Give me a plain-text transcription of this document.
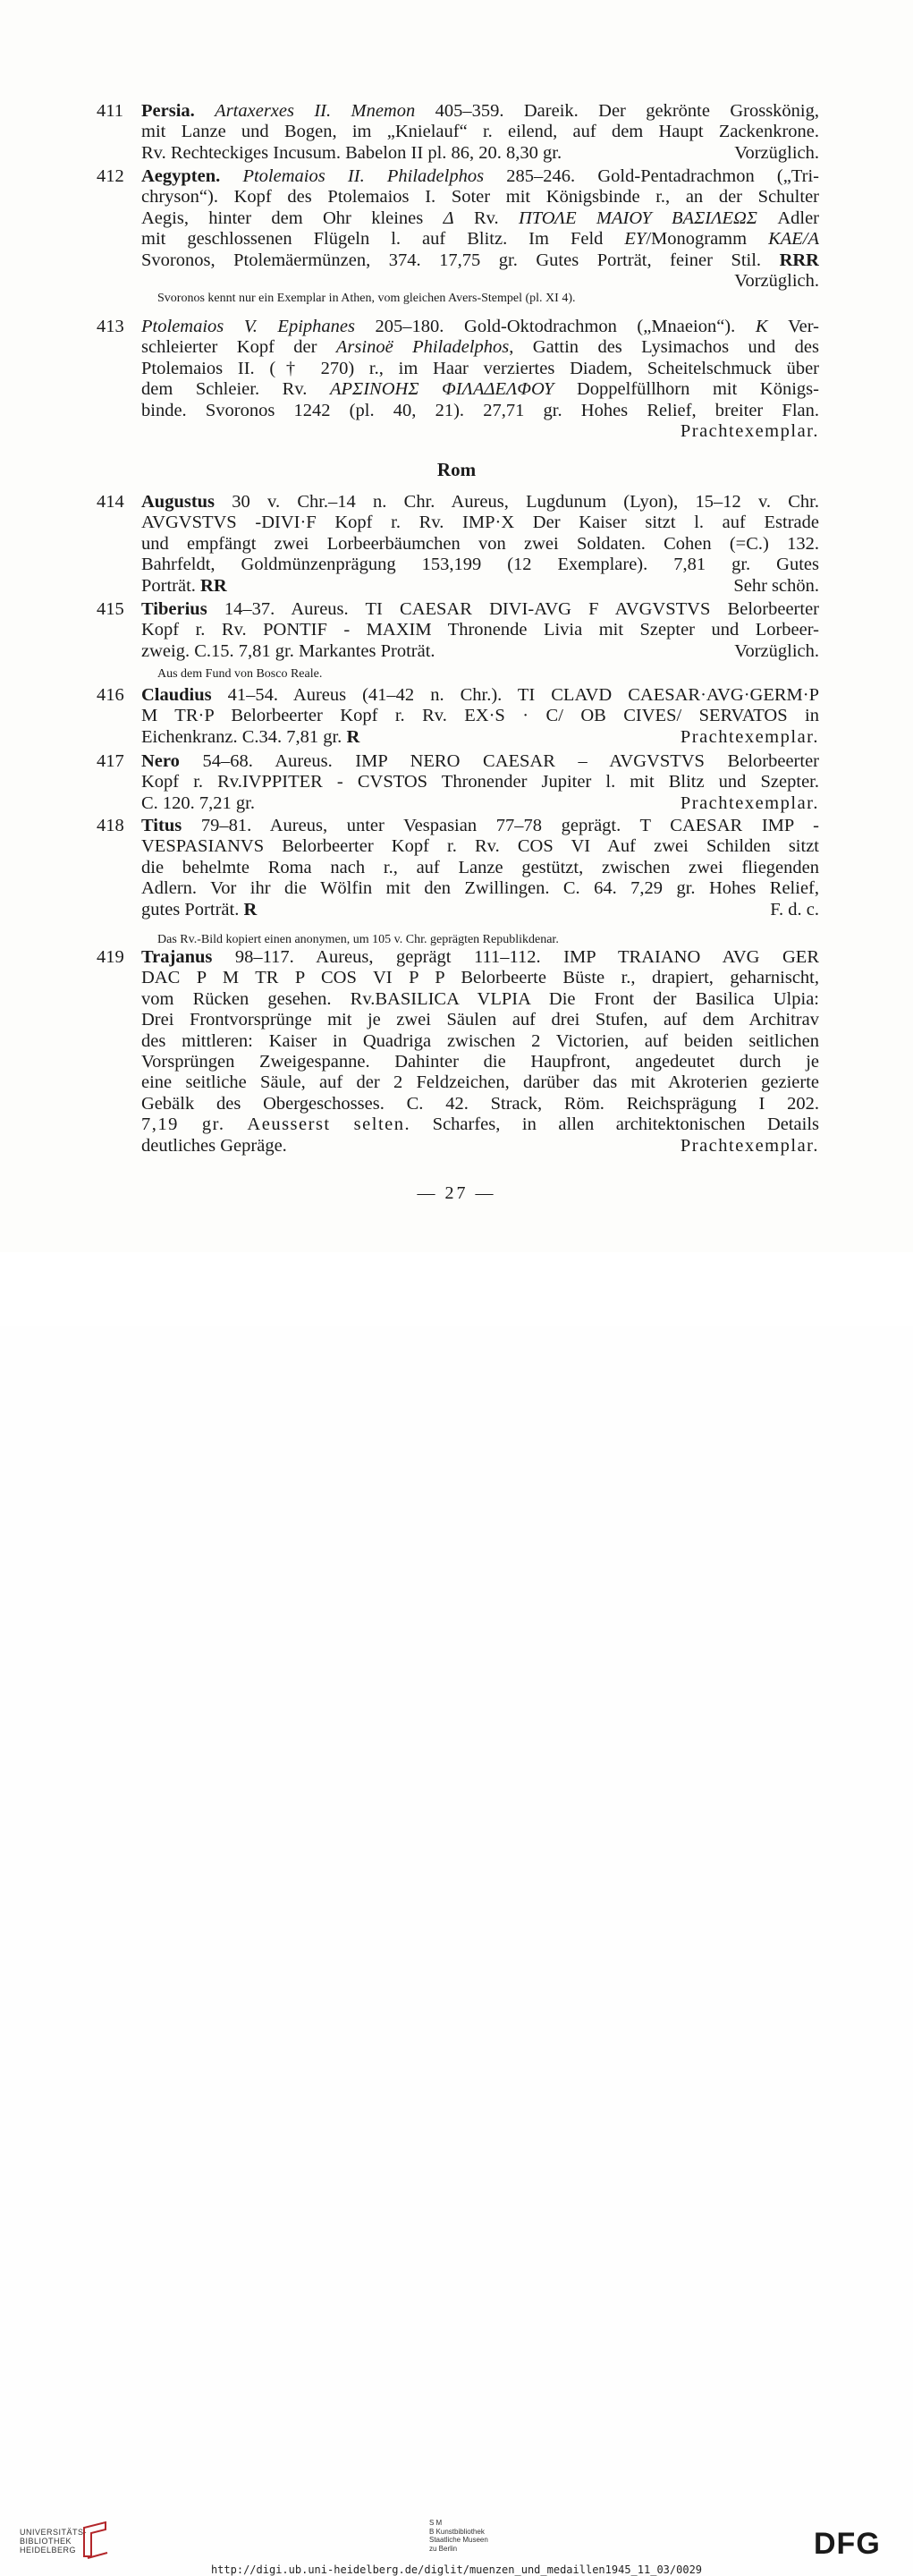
411 Persia. Artaxerxes II. Mnemon 405–359. Dareik. Der gekrönte Grosskönig,
mit Lanze und Bogen, im „Knielauf“ r. eilend, auf dem Haupt Zackenkrone.
Rv. Rechteckiges Incusum. Babelon II pl. 86, 20. 8,30 gr.	Vorzüglich.
412 Aegypten. Ptolemaios II. Philadelphos 285–246. Gold-Pentadrachmon („Tri-
chryson“). Kopf des Ptolemaios I. Soter mit Königsbinde r., an der Schulter
Aegis, hinter dem Ohr kleines Δ Rv. ΠΤΟΛΕ ΜΑΙΟΥ ΒΑΣΙΛΕΩΣ Adler
mit geschlossenen Flügeln l. auf Blitz. Im Feld ΕΥ/Monogramm ΚΑΕ/Α
Svoronos, Ptolemäermünzen, 374. 17,75 gr. Gutes Porträt, feiner Stil. RRR
Vorzüglich.
Svoronos kennt nur ein Exemplar in Athen, vom gleichen Avers-Stempel (pl. XI 4).
413 Ptolemaios V. Epiphanes 205–180. Gold-Oktodrachmon („Mnaeion“). Κ Ver-
schleierter Kopf der Arsinoë Philadelphos, Gattin des Lysimachos und des
Ptolemaios II. († 270) r., im Haar verziertes Diadem, Scheitelschmuck über
dem Schleier. Rv. ΑΡΣΙΝΟΗΣ ΦΙΛΑΔΕΛΦΟΥ Doppelfüllhorn mit Königs-
binde. Svoronos 1242 (pl. 40, 21). 27,71 gr. Hohes Relief, breiter Flan.
Prachtexemplar.
414 Augustus 30 v. Chr.–14 n. Chr. Aureus, Lugdunum (Lyon), 15–12 v. Chr.
AVGVSTVS -DIVI·F Kopf r. Rv. IMP·X Der Kaiser sitzt l. auf Estrade
und empfängt zwei Lorbeerbäumchen von zwei Soldaten. Cohen (=C.) 132.
Bahrfeldt, Goldmünzenprägung 153,199 (12 Exemplare). 7,81 gr. Gutes
Porträt. RR	Sehr schön.
415 Tiberius 14–37. Aureus. TI CAESAR DIVI-AVG F AVGVSTVS Belorbeerter
Kopf r. Rv. PONTIF - MAXIM Thronende Livia mit Szepter und Lorbeer-
zweig. C.15. 7,81 gr. Markantes Proträt.	Vorzüglich.
Aus dem Fund von Bosco Reale.
416 Claudius 41–54. Aureus (41–42 n. Chr.). TI CLAVD CAESAR·AVG·GERM·P
M TR·P Belorbeerter Kopf r. Rv. EX·S · C/ OB CIVES/ SERVATOS in
Eichenkranz. C.34. 7,81 gr. R	Prachtexemplar.
417 Nero 54–68. Aureus. IMP NERO CAESAR – AVGVSTVS Belorbeerter
Kopf r. Rv.IVPPITER - CVSTOS Thronender Jupiter l. mit Blitz und Szepter.
C. 120. 7,21 gr.	Prachtexemplar.
418 Titus 79–81. Aureus, unter Vespasian 77–78 geprägt. T CAESAR IMP -
VESPASIANVS Belorbeerter Kopf r. Rv. COS VI Auf zwei Schilden sitzt
die behelmte Roma nach r., auf Lanze gestützt, zwischen zwei fliegenden
Adlern. Vor ihr die Wölfin mit den Zwillingen. C. 64. 7,29 gr. Hohes Relief,
gutes Porträt. R	F. d. c.
Das Rv.-Bild kopiert einen anonymen, um 105 v. Chr. geprägten Republikdenar.
419 Trajanus 98–117. Aureus, geprägt 111–112. IMP TRAIANO AVG GER
DAC P M TR P COS VI P P Belorbeerte Büste r., drapiert, geharnischt,
vom Rücken gesehen. Rv.BASILICA VLPIA Die Front der Basilica Ulpia:
Drei Frontvorsprünge mit je zwei Säulen auf drei Stufen, auf dem Architrav
des mittleren: Kaiser in Quadriga zwischen 2 Victorien, auf beiden seitlichen
Vorsprüngen Zweigespanne. Dahinter die Haupfront, angedeutet durch je
eine seitliche Säule, auf der 2 Feldzeichen, darüber das mit Akroterien gezierte
Gebälk des Obergeschosses. C. 42. Strack, Röm. Reichsprägung I 202.
7,19 gr. Aeusserst selten. Scharfes, in allen architektonischen Details
deutliches Gepräge.	Prachtexemplar.
Rom
— 27 —
UNIVERSITÄTS-
BIBLIOTHEK
HEIDELBERG
S M
B Kunstbibliothek
Staatliche Museen
zu Berlin	DFG
http://digi.ub.uni-heidelberg.de/diglit/muenzen_und_medaillen1945_11_03/0029
